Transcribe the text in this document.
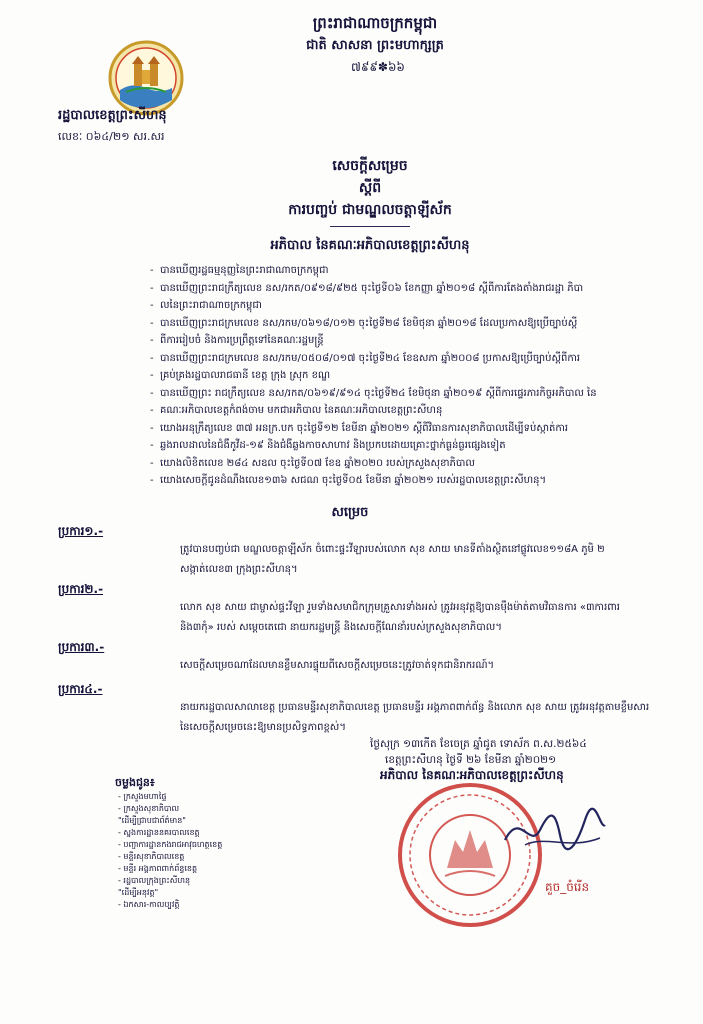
ព្រះរាជាណាចក្រកម្ពុជា
ជាតិ សាសនា ព្រះមហាក្សត្រ
៧៩៩✽៦៦
រដ្ឋបាលខេត្តព្រះសីហនុ
លេខៈ ០៦៤/២១ សរ.សរ
សេចក្ដីសម្រេច
ស្ដីពី
ការបញ្ចប់ ជាមណ្ឌលចត្តាឡីស័ក
អភិបាល នៃគណៈអភិបាលខេត្តព្រះសីហនុ
- បានឃើញរដ្ឋធម្មនុញ្ញនៃព្រះរាជាណាចក្រកម្ពុជា
- បានឃើញព្រះរាជក្រឹត្យលេខ នស/រកត/០៩១៨/៩២៥ ចុះថ្ងៃទី០៦ ខែកញ្ញា ឆ្នាំ២០១៨ ស្ដីពីការតែងតាំងរាជរដ្ឋា ភិបា
- លនៃព្រះរាជាណាចក្រកម្ពុជា
- បានឃើញព្រះរាជក្រមលេខ នស/រកម/០៦១៨/០១២ ចុះថ្ងៃទី២៨ ខែមិថុនា ឆ្នាំ២០១៨ ដែលប្រកាសឱ្យប្រើច្បាប់ស្ដី
- ពីការរៀបចំ និងការប្រព្រឹត្តទៅនៃគណៈរដ្ឋមន្ត្រី
- បានឃើញព្រះរាជក្រមលេខ នស/រកម/០៥០៨/០១៧ ចុះថ្ងៃទី២៤ ខែឧសភា ឆ្នាំ២០០៨ ប្រកាសឱ្យប្រើច្បាប់ស្ដីពីការ
- គ្រប់គ្រងរដ្ឋបាលរាជធានី ខេត្ត ក្រុង ស្រុក ខណ្ឌ
- បានឃើញព្រះ រាជក្រឹត្យលេខ នស/រកត/០៦១៩/៩១៤ ចុះថ្ងៃទី២៤ ខែមិថុនា ឆ្នាំ២០១៩ ស្ដីពីការផ្ទេរភារកិច្ចអភិបាល នៃ
- គណៈអភិបាលខេត្តកំពង់ចាម មកជាអភិបាល នៃគណៈអភិបាលខេត្តព្រះសីហនុ
- យោងអនុក្រឹត្យលេខ ៣៧ អនក្រ.បក ចុះថ្ងៃទី១២ ខែមីនា ឆ្នាំ២០២១ ស្ដីពីវិធានការសុខាភិបាលដើម្បីទប់ស្កាត់ការ
- ឆ្លងរាលដាលនៃជំងឺកូវីដ-១៩ និងជំងឺឆ្លងកាចសាហាវ និងប្រកបដោយគ្រោះថ្នាក់ធ្ងន់ធ្ងរផ្សេងទៀត
- យោងលិខិតលេខ ២៨៤ សឧល ចុះថ្ងៃទី០៧ ខែឧ ឆ្នាំ២០២០ របស់ក្រសួងសុខាភិបាល
- យោងសេចក្ដីជូនដំណឹងលេខ១៣៦ សជណ ចុះថ្ងៃទី០៥ ខែមីនា ឆ្នាំ២០២១ របស់រដ្ឋបាលខេត្តព្រះសីហនុ។
សម្រេច
ប្រការ១.-
ត្រូវបានបញ្ចប់ជា មណ្ឌលចត្តាឡីស័ក ចំពោះផ្ទះវីឡារបស់លោក សុខ សាយ មានទីតាំងស្ថិតនៅផ្លូវលេខ១១៨A ភូមិ ២ សង្កាត់លេខ៣ ក្រុងព្រះសីហនុ។
ប្រការ២.-
លោក សុខ សាយ ជាម្ចាស់ផ្ទះវីឡា រួមទាំងសមាជិកក្រុមគ្រួសារទាំងអស់ ត្រូវអនុវត្តឱ្យបានម៉ឺងម៉ាត់តាមវិធានការ «៣ការពារ និង៣កុំ» របស់ សម្ដេចតេជោ នាយករដ្ឋមន្ត្រី និងសេចក្ដីណែនាំរបស់ក្រសួងសុខាភិបាល។
ប្រការ៣.-
សេចក្ដីសម្រេចណាដែលមានខ្លឹមសារផ្ទុយពីសេចក្ដីសម្រេចនេះត្រូវចាត់ទុកជានិរាករណ៍។
ប្រការ៤.-
នាយករដ្ឋបាលសាលាខេត្ត ប្រធានមន្ទីរសុខាភិបាលខេត្ត ប្រធានមន្ទីរ អង្គភាពពាក់ព័ន្ធ និងលោក សុខ សាយ ត្រូវអនុវត្តតាមខ្លឹមសារនៃសេចក្ដីសម្រេចនេះឱ្យមានប្រសិទ្ធភាពខ្ពស់។
ថ្ងៃសុក្រ ១៣កើត ខែចេត្រ ឆ្នាំជូត ទោស័ក ព.ស.២៥៦៤
ខេត្តព្រះសីហនុ ថ្ងៃទី ២៦ ខែមីនា ឆ្នាំ២០២១
អភិបាល នៃគណៈអភិបាលខេត្តព្រះសីហនុ
គួច_ចំរើន
ចម្លងជូន៖
- ក្រសួងមហាផ្ទៃ
- ក្រសួងសុខាភិបាល
"ដើម្បីជ្រាបជាព័ត៌មាន"
- ស្នងការដ្ឋាននគរបាលខេត្ត
- បញ្ជាការដ្ឋានកងរាជអាវុធហត្ថខេត្ត
- មន្ទីរសុខាភិបាលខេត្ត
- មន្ទីរ អង្គភាពពាក់ព័ន្ធខេត្ត
- រដ្ឋបាលក្រុងព្រះសីហនុ
"ដើម្បីអនុវត្ត"
- ឯកសារ-កាលប្បវត្តិ
